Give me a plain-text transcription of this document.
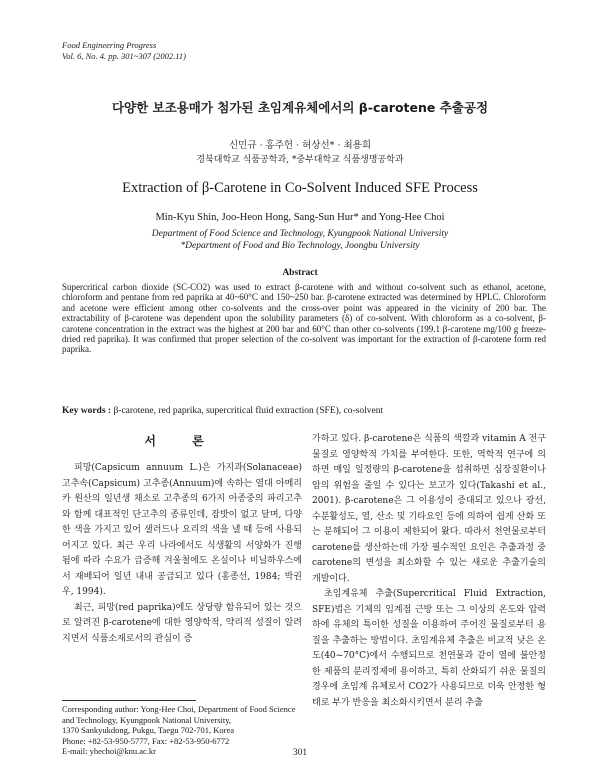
Food Engineering Progress
Vol. 6, No. 4. pp. 301~307 (2002.11)
다양한 보조용매가 첨가된 초임계유체에서의 β-carotene 추출공정
신민규 · 홍주헌 · 허상선* · 최용희
경북대학교 식품공학과, *중부대학교 식품생명공학과
Extraction of β-Carotene in Co-Solvent Induced SFE Process
Min-Kyu Shin, Joo-Heon Hong, Sang-Sun Hur* and Yong-Hee Choi
Department of Food Science and Technology, Kyungpook National University
*Department of Food and Bio Technology, Joongbu University
Abstract

Supercritical carbon dioxide (SC-CO2) was used to extract β-carotene with and without co-solvent such as ethanol, acetone, chloroform and pentane from red paprika at 40~60°C and 150~250 bar. β-carotene extracted was determined by HPLC. Chloroform and acetone were efficient among other co-solvents and the cross-over point was appeared in the vicinity of 200 bar. The extractability of β-carotene was dependent upon the solubility parameters (δ) of co-solvent. With chloroform as a co-solvent, β-carotene concentration in the extract was the highest at 200 bar and 60°C than other co-solvents (199.1 β-carotene mg/100 g freeze-dried red paprika). It was confirmed that proper selection of the co-solvent was important for the extraction of β-carotene form red paprika.

Key words : β-carotene, red paprika, supercritical fluid extraction (SFE), co-solvent
서 론

피망(Capsicum annuum L.)은 가지과(Solanaceae) 고추속(Capsicum) 고추종(Annuum)에 속하는 열대 아메리카 원산의 일년생 채소로 고추종의 6가지 아종중의 파리고추와 함께 대표적인 단고추의 종류인데, 잠밧이 없고 달며, 다양한 색을 가지고 있어 샐러드나 요리의 색을 낼 때 등에 사용되어지고 있다. 최근 우리 나라에서도 식생활의 서양화가 진행됨에 따라 수요가 급증해 겨울철에도 온실이나 비닐하우스에서 재배되어 일년 내내 공급되고 있다 (홍종선, 1984; 박권우, 1994).

최근, 피망(red paprika)에도 상당량 함유되어 있는 것으로 알려진 β-carotene에 대한 영양학적, 약리적 성질이 알려지면서 식품소재로서의 관심이 증

가하고 있다. β-carotene은 식품의 색깔과 vitamin A 전구물질로 영양학적 가치를 부여한다. 또한, 역학적 연구에 의하면 매일 일정량의 β-carotene을 섭취하면 심장질환이나 암의 위험을 줄일 수 있다는 보고가 있다(Takashi et al., 2001). β-carotene은 그 이용성이 증대되고 있으나 광선, 수분활성도, 열, 산소 및 기타요인 등에 의하여 쉽게 산화 또는 분해되어 그 이용이 제한되어 왔다. 따라서 천연물로부터 carotene를 생산하는데 가장 필수적인 요인은 추출과정 중 carotene의 변성을 최소화할 수 있는 새로운 추출기술의 개발이다.

초임계유체 추출(Supercritical Fluid Extraction, SFE)법은 기체의 임계점 근방 또는 그 이상의 온도와 압력 하에 유체의 특이한 성질을 이용하여 주어진 물질로부터 용질을 추출하는 방법이다. 초임계유체 추출은 비교적 낮은 온도(40~70°C)에서 수행되므로 천연물과 같이 열에 불안정한 제품의 분리정제에 용이하고, 특히 산화되기 쉬운 물질의 경우에 초임계 유체로서 CO2가 사용되므로 더욱 안정한 형태로 부가 반응을 최소화시키면서 분리 추출

Corresponding author: Yong-Hee Choi, Department of Food Science and Technology, Kyungpook National University,
1370 Sankyukdong, Pukgu, Taegu 702-701, Korea
Phone: +82-53-950-5777, Fax: +82-53-950-6772
E-mail: yhechoi@knu.ac.kr	301
